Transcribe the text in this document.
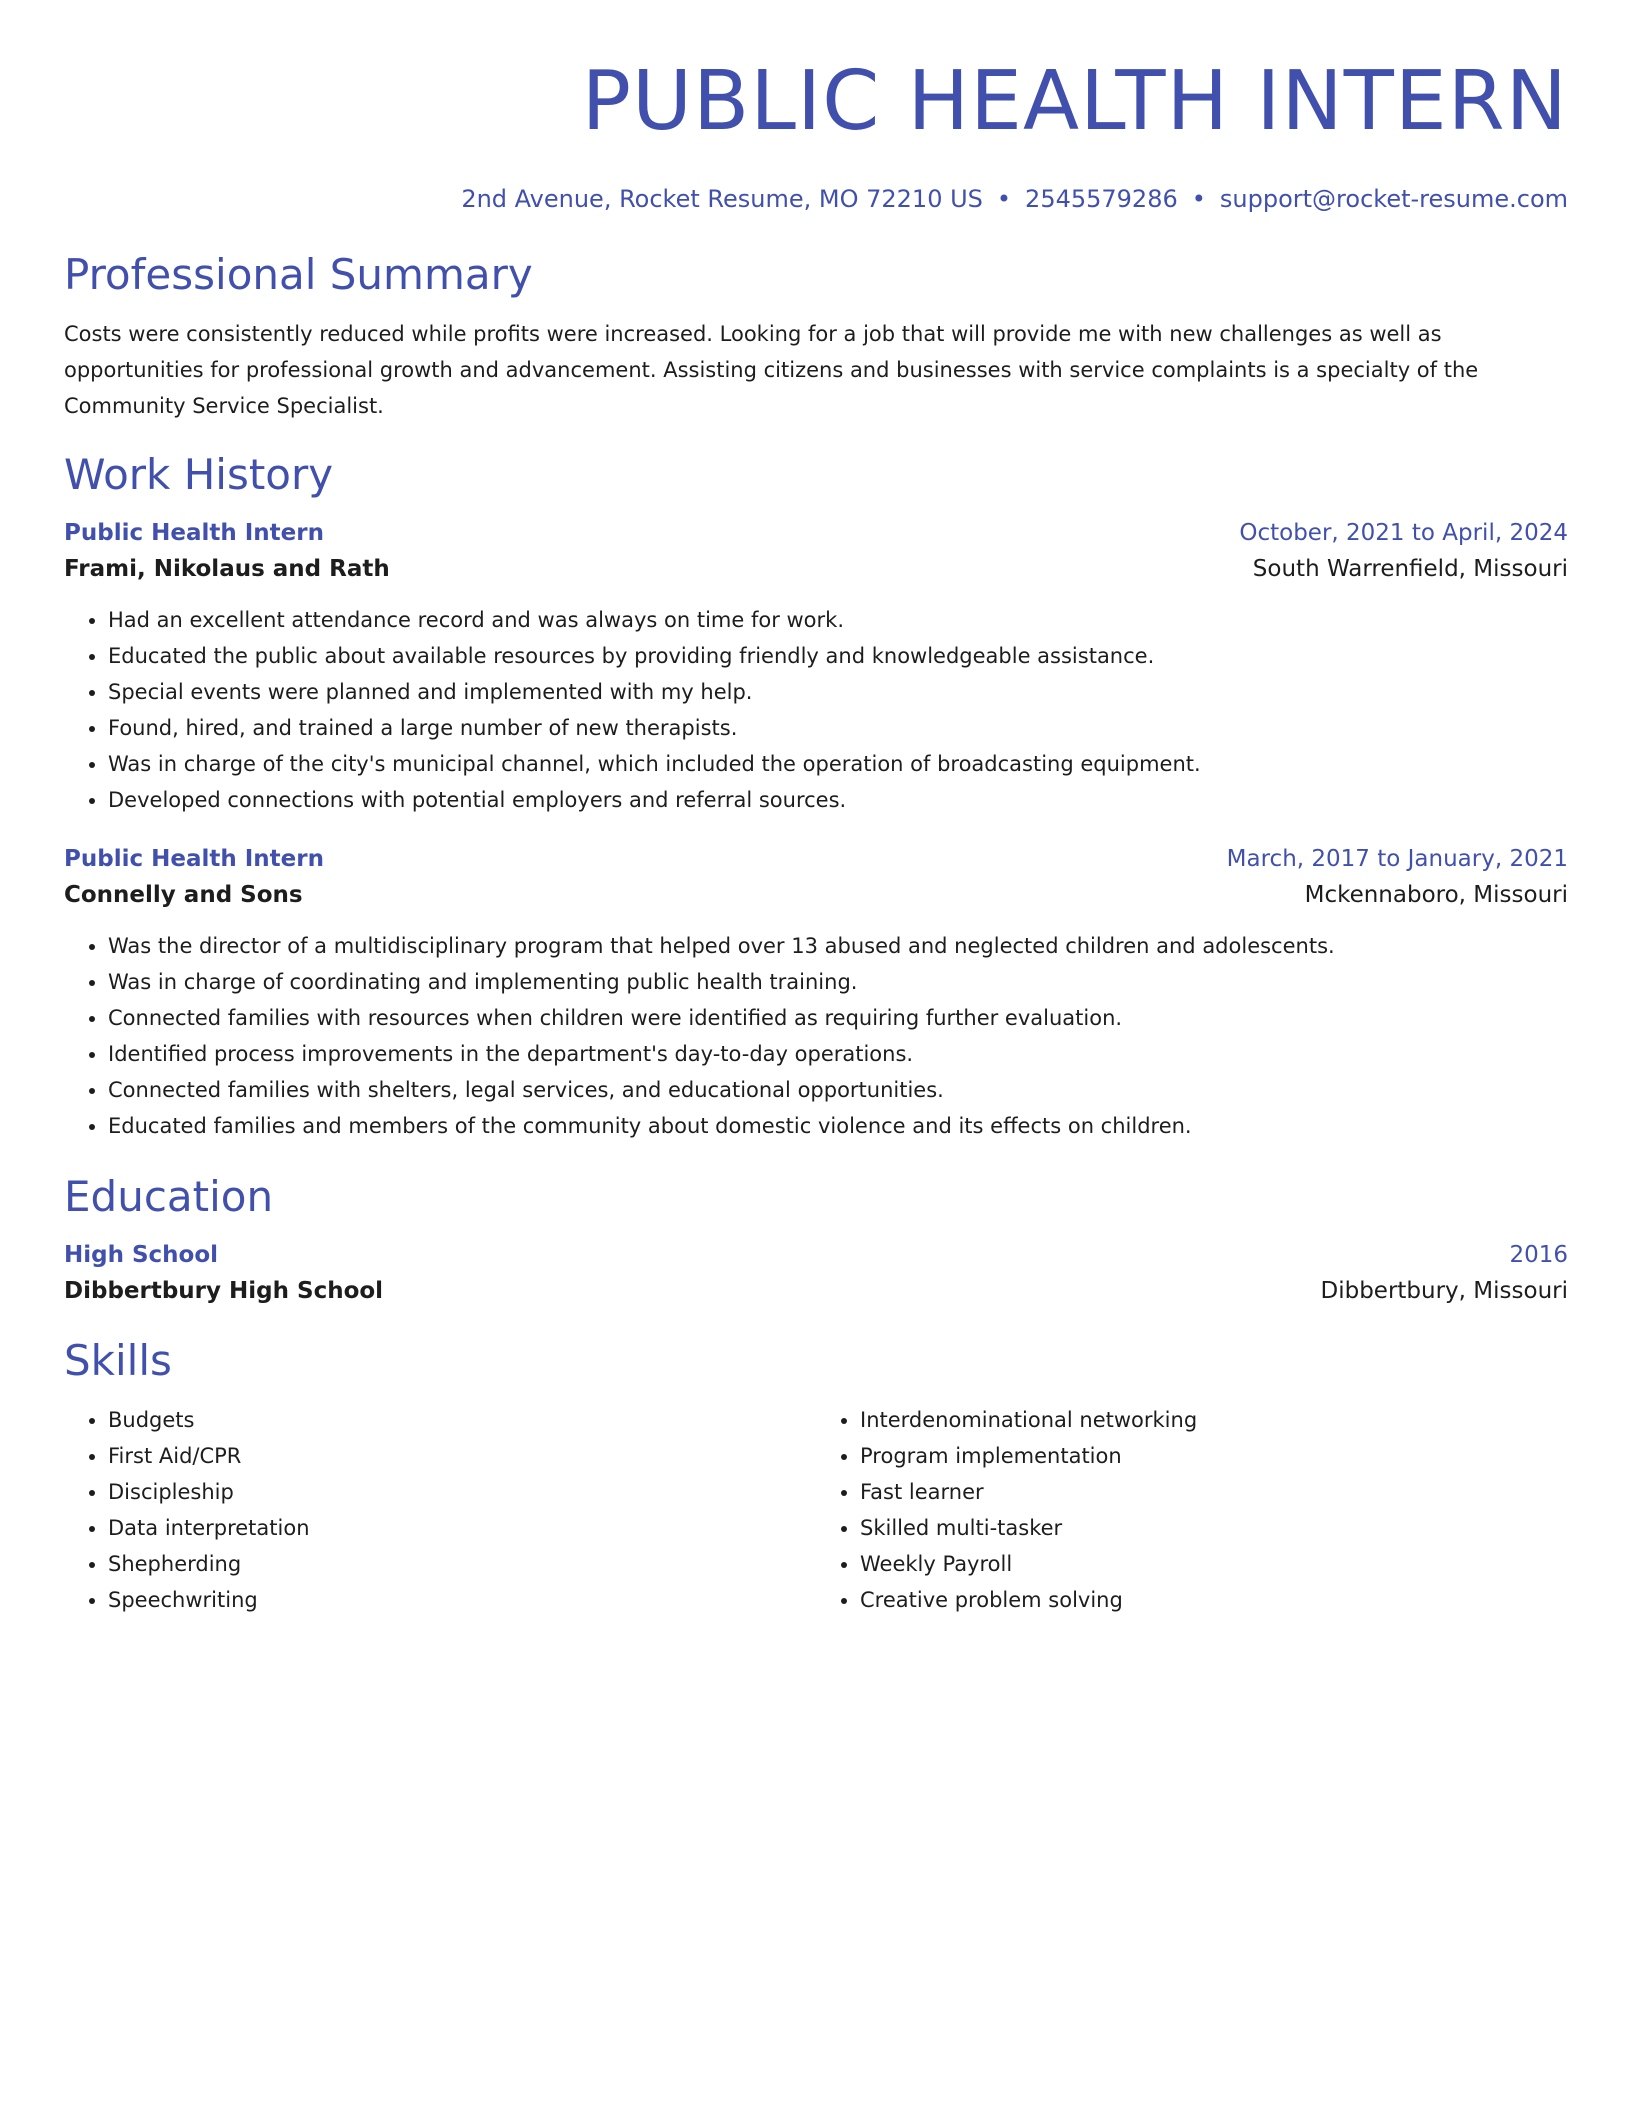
PUBLIC HEALTH INTERN
2nd Avenue, Rocket Resume, MO 72210 US • 2545579286 • support@rocket-resume.com
Professional Summary

Costs were consistently reduced while profits were increased. Looking for a job that will provide me with new challenges as well as opportunities for professional growth and advancement. Assisting citizens and businesses with service complaints is a specialty of the Community Service Specialist.

Work History
Public Health Intern	October, 2021 to April, 2024
Frami, Nikolaus and Rath	South Warrenfield, Missouri
• Had an excellent attendance record and was always on time for work.
• Educated the public about available resources by providing friendly and knowledgeable assistance.
• Special events were planned and implemented with my help.
• Found, hired, and trained a large number of new therapists.
• Was in charge of the city's municipal channel, which included the operation of broadcasting equipment.
• Developed connections with potential employers and referral sources.
Public Health Intern	March, 2017 to January, 2021
Connelly and Sons	Mckennaboro, Missouri
• Was the director of a multidisciplinary program that helped over 13 abused and neglected children and adolescents.
• Was in charge of coordinating and implementing public health training.
• Connected families with resources when children were identified as requiring further evaluation.
• Identified process improvements in the department's day-to-day operations.
• Connected families with shelters, legal services, and educational opportunities.
• Educated families and members of the community about domestic violence and its effects on children.
Education
High School	2016
Dibbertbury High School	Dibbertbury, Missouri
Skills
• Budgets
• First Aid/CPR
• Discipleship
• Data interpretation
• Shepherding
• Speechwriting
• Interdenominational networking
• Program implementation
• Fast learner
• Skilled multi-tasker
• Weekly Payroll
• Creative problem solving
